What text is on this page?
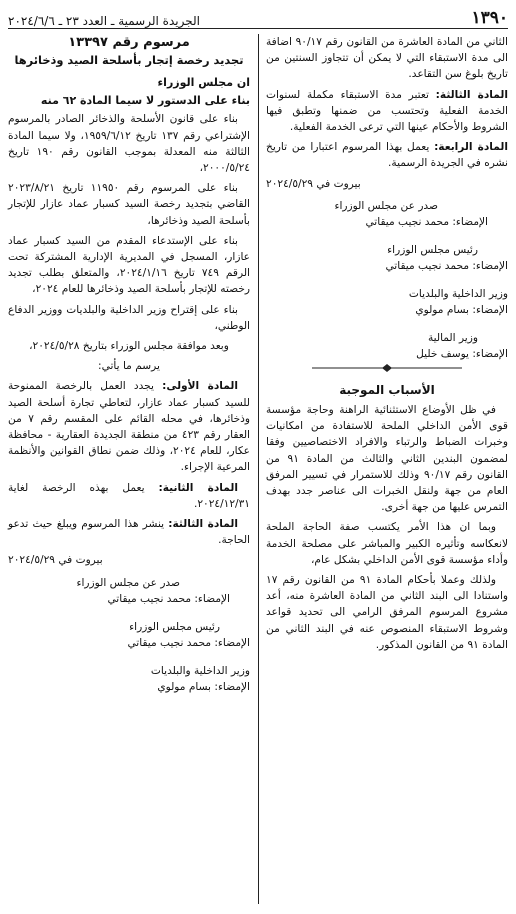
١٣٩٠
الجريدة الرسمية ـ العدد ٢٣ ـ ٢٠٢٤/٦/٦

الثاني من المادة العاشرة من القانون رقم ٩٠/١٧ اضافة الى مدة الاستبقاء التي لا يمكن أن تتجاوز السنتين من تاريخ بلوغ سن التقاعد.

المادة الثالثة: تعتبر مدة الاستبقاء مكملة لسنوات الخدمة الفعلية وتحتسب من ضمنها وتطبق فيها الشروط والأحكام عينها التي ترعى الخدمة الفعلية.

المادة الرابعة: يعمل بهذا المرسوم اعتبارا من تاريخ نشره في الجريدة الرسمية.

بيروت في ٢٠٢٤/٥/٢٩

صدر عن مجلس الوزراء

الإمضاء: محمد نجيب ميقاتي

رئيس مجلس الوزراء

الإمضاء: محمد نجيب ميقاتي

وزير الداخلية والبلديات

الإمضاء: بسام مولوي

وزير المالية

الإمضاء: يوسف خليل

الأسباب الموجبة

في ظل الأوضاع الاستثنائية الراهنة وحاجة مؤسسة قوى الأمن الداخلي الملحة للاستفادة من امكانيات وخبرات الضباط والرتباء والافراد الاختصاصيين وفقا لمضمون البندين الثاني والثالث من المادة ٩١ من القانون رقم ٩٠/١٧ وذلك للاستمرار في تسيير المرفق العام من جهة ولنقل الخبرات الى عناصر جدد بهدف التمرس عليها من جهة أخرى.

وبما ان هذا الأمر يكتسب صفة الحاجة الملحة لانعكاسه وتأثيره الكبير والمباشر على مصلحة الخدمة وأداء مؤسسة قوى الأمن الداخلي بشكل عام،

ولذلك وعملا بأحكام المادة ٩١ من القانون رقم ١٧ واستنادا الى البند الثاني من المادة العاشرة منه، أعد مشروع المرسوم المرفق الرامي الى تحديد قواعد وشروط الاستبقاء المنصوص عنه في البند الثاني من المادة ٩١ من القانون المذكور.

مرسوم رقم ١٣٣٩٧

تجديد رخصة إتجار بأسلحة الصيد وذخائرها

ان مجلس الوزراء

بناء على الدستور لا سيما المادة ٦٢ منه

بناء على قانون الأسلحة والذخائر الصادر بالمرسوم الإشتراعي رقم ١٣٧ تاريخ ١٩٥٩/٦/١٢، ولا سيما المادة الثالثة منه المعدلة بموجب القانون رقم ١٩٠ تاريخ ٢٠٠٠/٥/٢٤،

بناء على المرسوم رقم ١١٩٥٠ تاريخ ٢٠٢٣/٨/٢١ القاضي بتجديد رخصة السيد كسبار عماد عازار للإتجار بأسلحة الصيد وذخائرها،

بناء على الإستدعاء المقدم من السيد كسبار عماد عازار، المسجل في المديرية الإدارية المشتركة تحت الرقم ٧٤٩ تاريخ ٢٠٢٤/١/١٦، والمتعلق بطلب تجديد رخصته للإتجار بأسلحة الصيد وذخائرها للعام ٢٠٢٤،

بناء على إقتراح وزير الداخلية والبلديات ووزير الدفاع الوطني،

وبعد موافقة مجلس الوزراء بتاريخ ٢٠٢٤/٥/٢٨،

يرسم ما يأتي:

المادة الأولى: يجدد العمل بالرخصة الممنوحة للسيد كسبار عماد عازار، لتعاطي تجارة أسلحة الصيد وذخائرها، في محله القائم على المقسم رقم ٧ من العقار رقم ٤٢٣ من منطقة الجديدة العقارية - محافظة عكار، للعام ٢٠٢٤، وذلك ضمن نطاق القوانين والأنظمة المرعية الإجراء.

المادة الثانية: يعمل بهذه الرخصة لغاية ٢٠٢٤/١٢/٣١.

المادة الثالثة: ينشر هذا المرسوم ويبلغ حيث تدعو الحاجة.

بيروت في ٢٠٢٤/٥/٢٩

صدر عن مجلس الوزراء

الإمضاء: محمد نجيب ميقاتي

رئيس مجلس الوزراء

الإمضاء: محمد نجيب ميقاتي

وزير الداخلية والبلديات

الإمضاء: بسام مولوي
